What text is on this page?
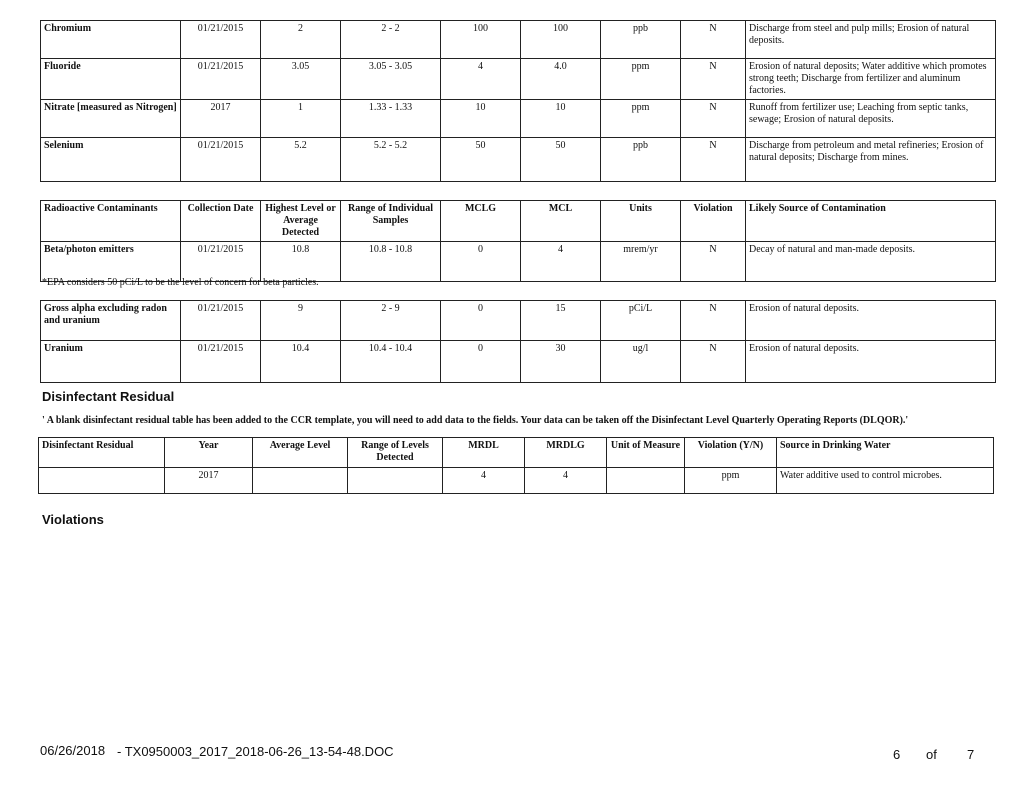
Chromium	01/21/2015	2	2 - 2	100	100	ppb	N	Discharge from steel and pulp mills; Erosion of natural deposits.
Fluoride	01/21/2015	3.05	3.05 - 3.05	4	4.0	ppm	N	Erosion of natural deposits; Water additive which promotes strong teeth; Discharge from fertilizer and aluminum factories.
Nitrate [measured as Nitrogen]	2017	1	1.33 - 1.33	10	10	ppm	N	Runoff from fertilizer use; Leaching from septic tanks, sewage; Erosion of natural deposits.
Selenium	01/21/2015	5.2	5.2 - 5.2	50	50	ppb	N	Discharge from petroleum and metal refineries; Erosion of natural deposits; Discharge from mines.
Radioactive Contaminants	Collection Date	Highest Level or Average Detected	Range of Individual Samples	MCLG	MCL	Units	Violation	Likely Source of Contamination
Beta/photon emitters	01/21/2015	10.8	10.8 - 10.8	0	4	mrem/yr	N	Decay of natural and man-made deposits.
*EPA considers 50 pCi/L to be the level of concern for beta particles.
Gross alpha excluding radon and uranium	01/21/2015	9	2 - 9	0	15	pCi/L	N	Erosion of natural deposits.
Uranium	01/21/2015	10.4	10.4 - 10.4	0	30	ug/l	N	Erosion of natural deposits.
Disinfectant Residual
' A blank disinfectant residual table has been added to the CCR template, you will need to add data to the fields. Your data can be taken off the Disinfectant Level Quarterly Operating Reports (DLQOR).'
Disinfectant Residual	Year	Average Level	Range of Levels Detected	MRDL	MRDLG	Unit of Measure	Violation (Y/N)	Source in Drinking Water
	2017			4	4		ppm	Water additive used to control microbes.
Violations
06/26/2018 - TX0950003_2017_2018-06-26_13-54-48.DOC	6 of 7
